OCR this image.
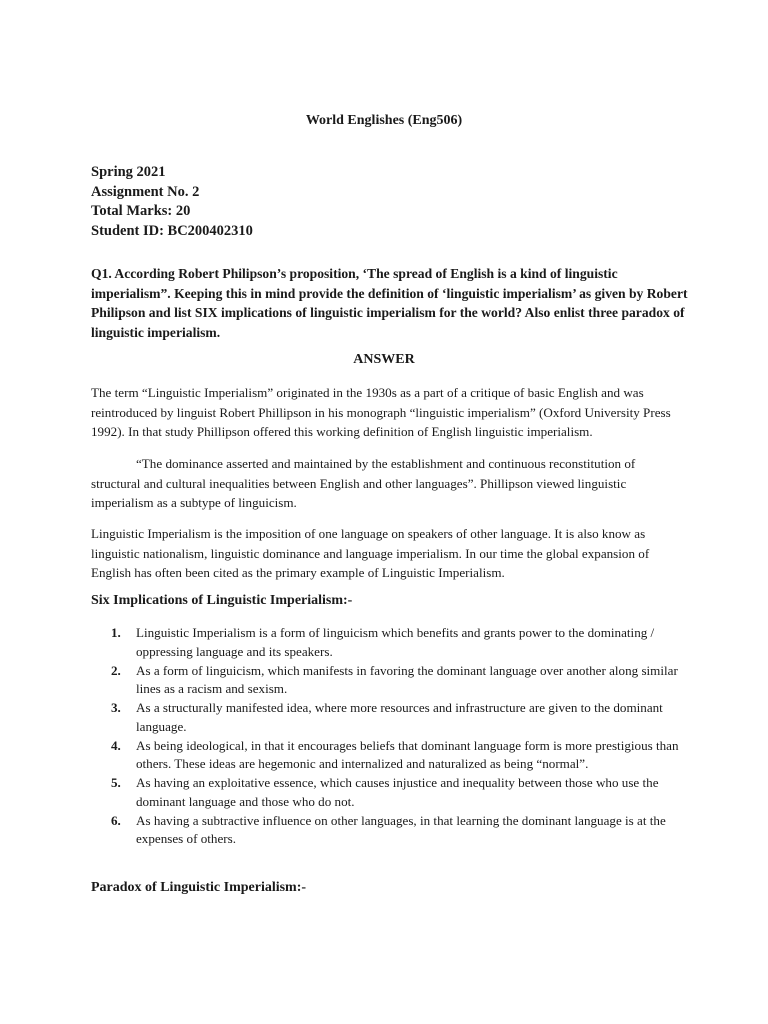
World Englishes (Eng506)
Spring 2021
Assignment No. 2
Total Marks: 20
Student ID: BC200402310
Q1. According Robert Philipson’s proposition, ‘The spread of English is a kind of linguistic imperialism”. Keeping this in mind provide the definition of ‘linguistic imperialism’ as given by Robert Philipson and list SIX implications of linguistic imperialism for the world? Also enlist three paradox of linguistic imperialism.
ANSWER
The term “Linguistic Imperialism” originated in the 1930s as a part of a critique of basic English and was reintroduced by linguist Robert Phillipson in his monograph “linguistic imperialism” (Oxford University Press 1992). In that study Phillipson offered this working definition of English linguistic imperialism.
“The dominance asserted and maintained by the establishment and continuous reconstitution of structural and cultural inequalities between English and other languages”. Phillipson viewed linguistic imperialism as a subtype of linguicism.
Linguistic Imperialism is the imposition of one language on speakers of other language. It is also know as linguistic nationalism, linguistic dominance and language imperialism. In our time the global expansion of English has often been cited as the primary example of Linguistic Imperialism.
Six Implications of Linguistic Imperialism:-
1.	Linguistic Imperialism is a form of linguicism which benefits and grants power to the dominating / oppressing language and its speakers.
2.	As a form of linguicism, which manifests in favoring the dominant language over another along similar lines as a racism and sexism.
3.	As a structurally manifested idea, where more resources and infrastructure are given to the dominant language.
4.	As being ideological, in that it encourages beliefs that dominant language form is more prestigious than others. These ideas are hegemonic and internalized and naturalized as being “normal”.
5.	As having an exploitative essence, which causes injustice and inequality between those who use the dominant language and those who do not.
6.	As having a subtractive influence on other languages, in that learning the dominant language is at the expenses of others.
Paradox of Linguistic Imperialism:-
